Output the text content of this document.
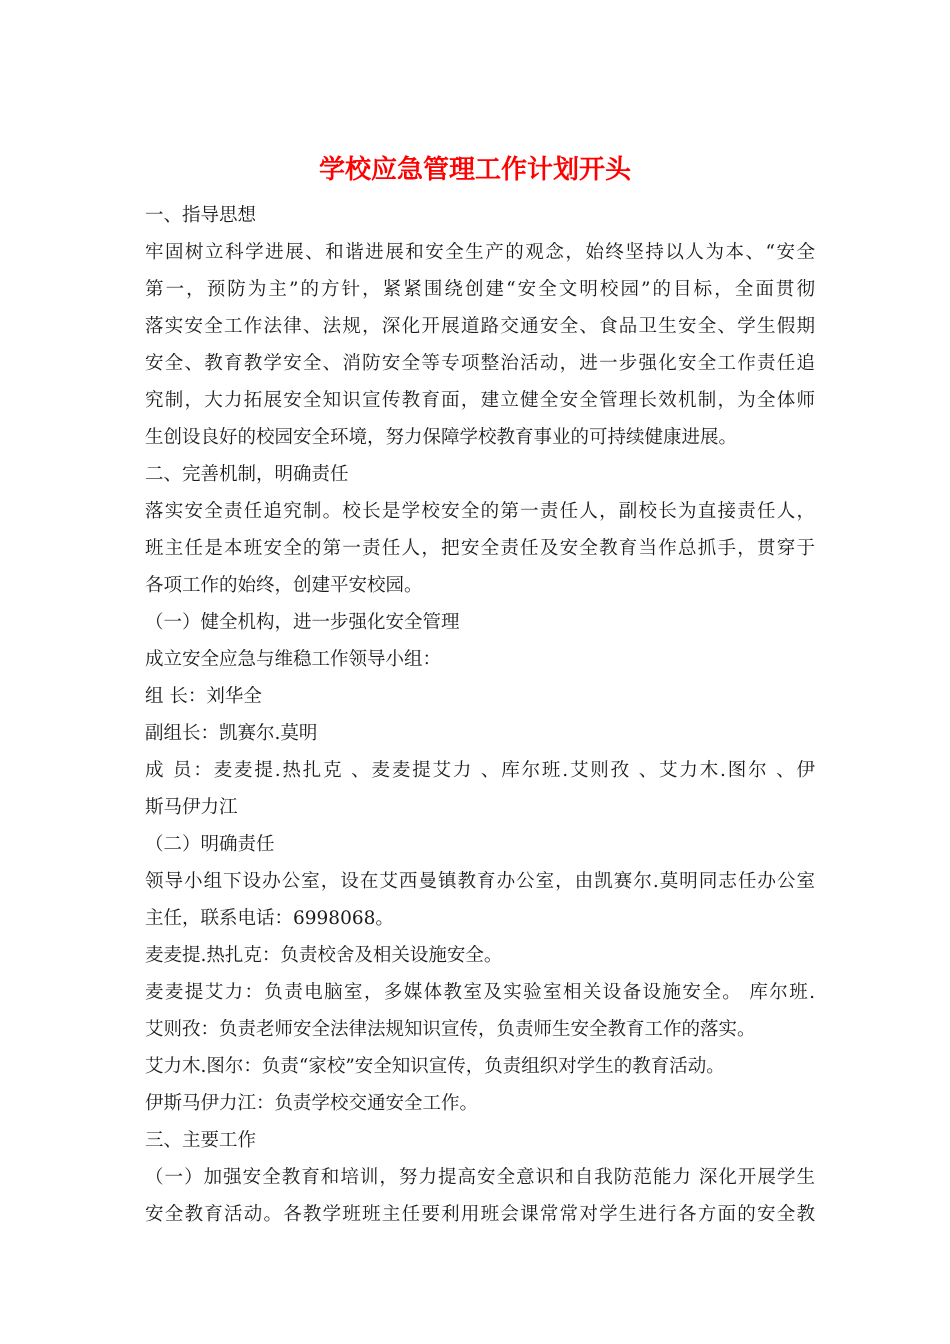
学校应急管理工作计划开头
一、指导思想
牢固树立科学进展、和谐进展和安全生产的观念，始终坚持以人为本、“安全
第一，预防为主”的方针，紧紧围绕创建“安全文明校园”的目标，全面贯彻
落实安全工作法律、法规，深化开展道路交通安全、食品卫生安全、学生假期
安全、教育教学安全、消防安全等专项整治活动，进一步强化安全工作责任追
究制，大力拓展安全知识宣传教育面，建立健全安全管理长效机制，为全体师
生创设良好的校园安全环境，努力保障学校教育事业的可持续健康进展。
二、完善机制，明确责任
落实安全责任追究制。校长是学校安全的第一责任人，副校长为直接责任人，
班主任是本班安全的第一责任人，把安全责任及安全教育当作总抓手，贯穿于
各项工作的始终，创建平安校园。
（一）健全机构，进一步强化安全管理
成立安全应急与维稳工作领导小组：
组 长：刘华全
副组长：凯赛尔.莫明
成 员：麦麦提.热扎克 、麦麦提艾力 、库尔班.艾则孜 、艾力木.图尔 、伊
斯马伊力江
（二）明确责任
领导小组下设办公室，设在艾西曼镇教育办公室，由凯赛尔.莫明同志任办公室
主任，联系电话：6998068。
麦麦提.热扎克：负责校舍及相关设施安全。
麦麦提艾力：负责电脑室，多媒体教室及实验室相关设备设施安全。 库尔班.
艾则孜：负责老师安全法律法规知识宣传，负责师生安全教育工作的落实。
艾力木.图尔：负责“家校”安全知识宣传，负责组织对学生的教育活动。
伊斯马伊力江：负责学校交通安全工作。
三、主要工作
（一）加强安全教育和培训，努力提高安全意识和自我防范能力 深化开展学生
安全教育活动。各教学班班主任要利用班会课常常对学生进行各方面的安全教
